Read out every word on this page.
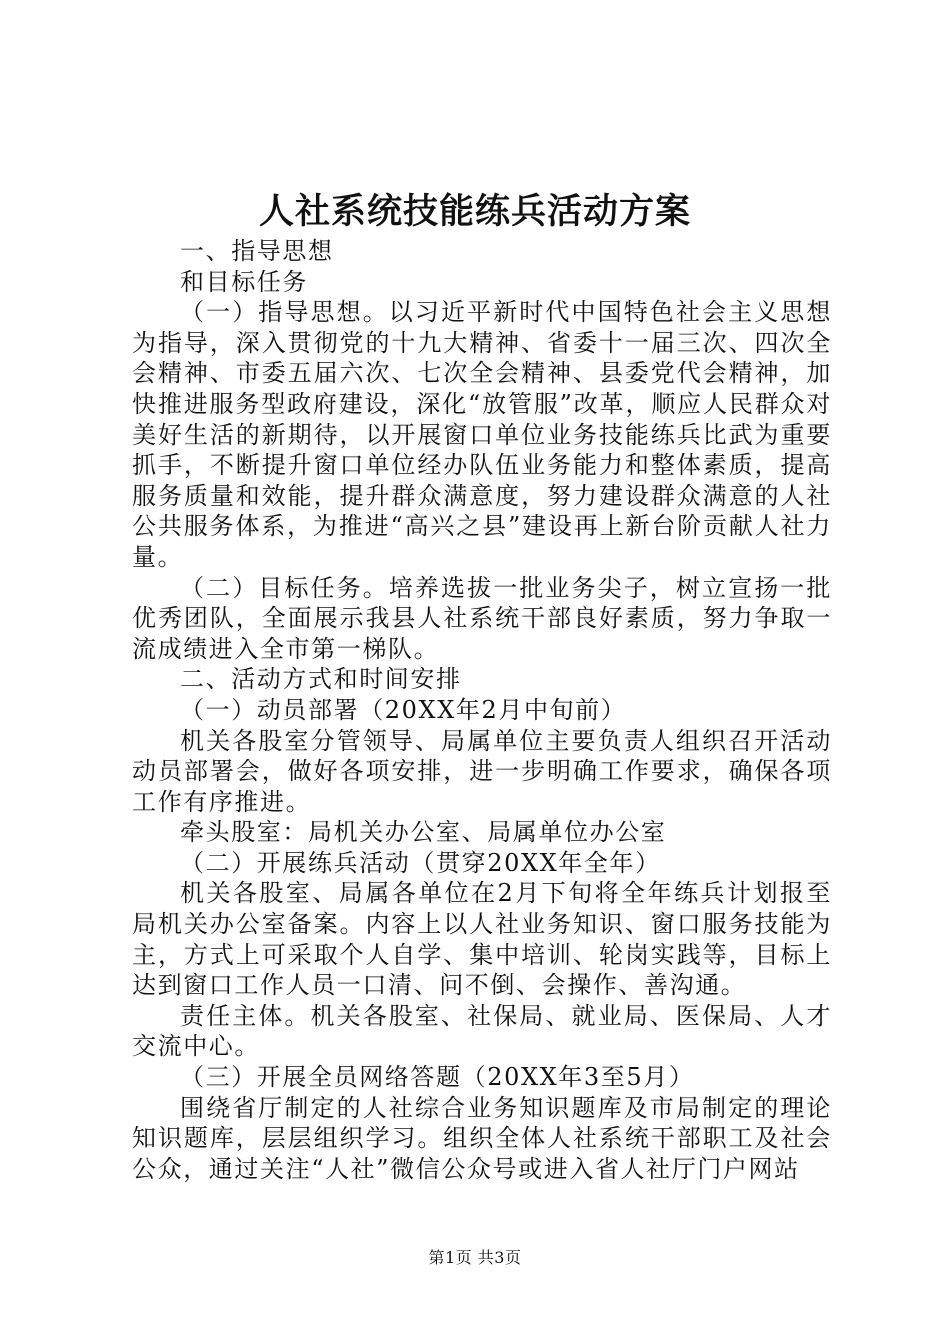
人社系统技能练兵活动方案

一、指导思想

和目标任务

（一）指导思想。以习近平新时代中国特色社会主义思想为指导，深入贯彻党的十九大精神、省委十一届三次、四次全会精神、市委五届六次、七次全会精神、县委党代会精神，加快推进服务型政府建设，深化“放管服”改革，顺应人民群众对美好生活的新期待，以开展窗口单位业务技能练兵比武为重要抓手，不断提升窗口单位经办队伍业务能力和整体素质，提高服务质量和效能，提升群众满意度，努力建设群众满意的人社公共服务体系，为推进“高兴之县”建设再上新台阶贡献人社力量。

（二）目标任务。培养选拔一批业务尖子，树立宣扬一批优秀团队，全面展示我县人社系统干部良好素质，努力争取一流成绩进入全市第一梯队。

二、活动方式和时间安排

（一）动员部署（20XX年2月中旬前）

机关各股室分管领导、局属单位主要负责人组织召开活动动员部署会，做好各项安排，进一步明确工作要求，确保各项工作有序推进。

牵头股室：局机关办公室、局属单位办公室

（二）开展练兵活动（贯穿20XX年全年）

机关各股室、局属各单位在2月下旬将全年练兵计划报至局机关办公室备案。内容上以人社业务知识、窗口服务技能为主，方式上可采取个人自学、集中培训、轮岗实践等，目标上达到窗口工作人员一口清、问不倒、会操作、善沟通。

责任主体。机关各股室、社保局、就业局、医保局、人才交流中心。

（三）开展全员网络答题（20XX年3至5月）

围绕省厅制定的人社综合业务知识题库及市局制定的理论知识题库，层层组织学习。组织全体人社系统干部职工及社会公众，通过关注“人社”微信公众号或进入省人社厅门户网站

第1页 共3页
